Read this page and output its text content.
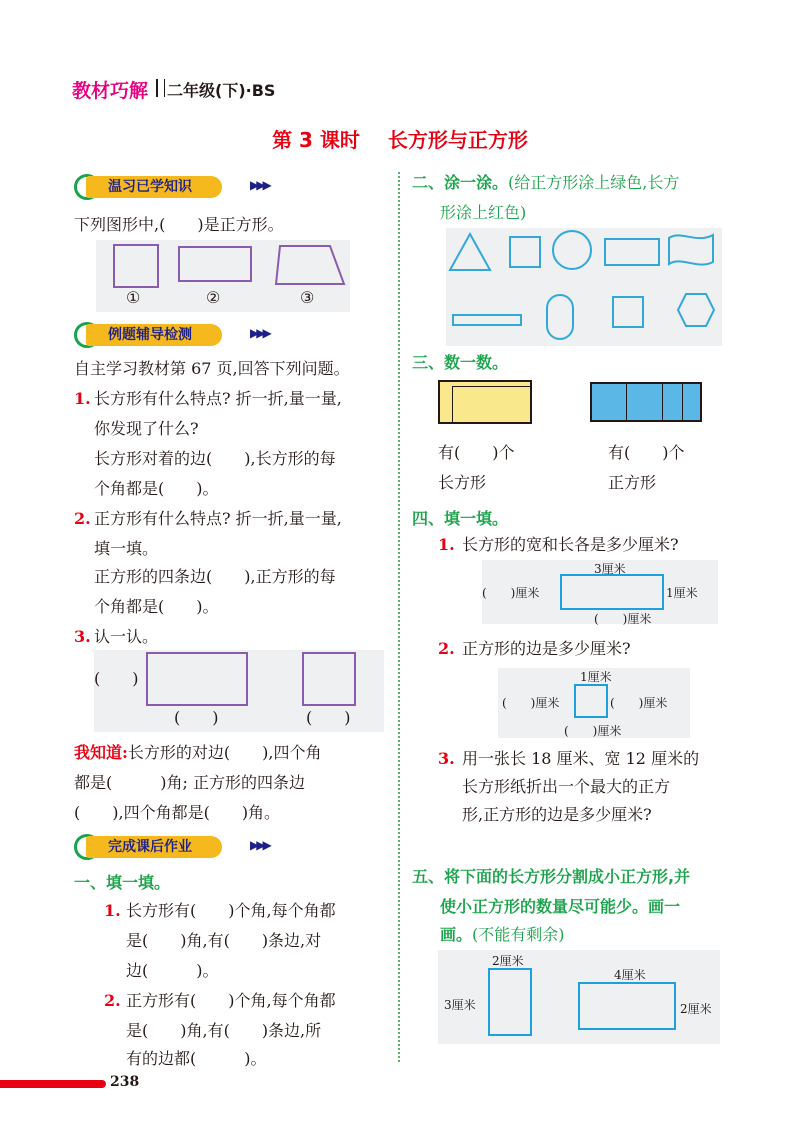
教材巧解 二年级(下)·BS
第 3 课时 长方形与正方形
温习已学知识	▶▶▶
下列图形中,(　　)是正方形。
①	②	③
例题辅导检测	▶▶▶
自主学习教材第 67 页,回答下列问题。
1. 长方形有什么特点? 折一折,量一量,
你发现了什么?
长方形对着的边(　　),长方形的每
个角都是(　　)。
2. 正方形有什么特点? 折一折,量一量,
填一填。
正方形的四条边(　　),正方形的每
个角都是(　　)。
3. 认一认。
(　　)
(　　)	(　　)
我知道:长方形的对边(　　),四个角
都是(　　　)角; 正方形的四条边
(　　),四个角都是(　　)角。
完成课后作业	▶▶▶
一、填一填。
1. 长方形有(　　)个角,每个角都
是(　　)角,有(　　)条边,对
边(　　　)。
2. 正方形有(　　)个角,每个角都
是(　　)角,有(　　)条边,所
有的边都(　　　)。
二、涂一涂。(给正方形涂上绿色,长方
形涂上红色)
三、数一数。
有(　　)个
长方形
有(　　)个
正方形
四、填一填。
1. 长方形的宽和长各是多少厘米?
3厘米
(　　)厘米	1厘米
(　　)厘米
2. 正方形的边是多少厘米?
1厘米
(　　)厘米	(　　)厘米
(　　)厘米
3. 用一张长 18 厘米、宽 12 厘米的
长方形纸折出一个最大的正方
形,正方形的边是多少厘米?
五、将下面的长方形分割成小正方形,并
使小正方形的数量尽可能少。画一
画。(不能有剩余)
2厘米
3厘米
4厘米
2厘米
238
